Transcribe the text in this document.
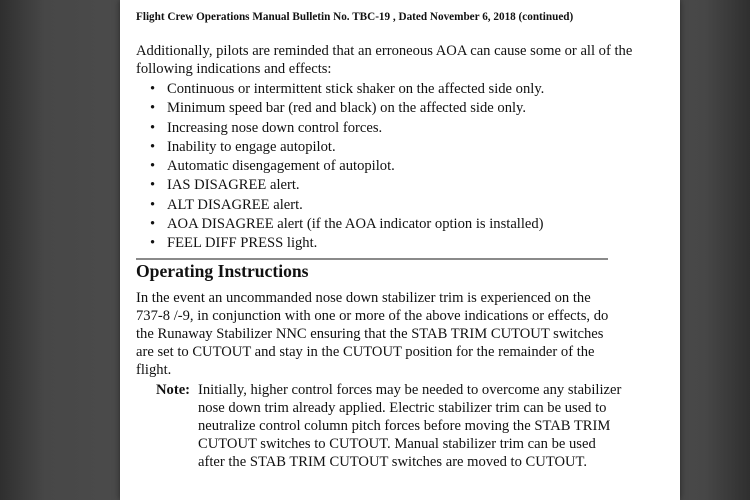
Flight Crew Operations Manual Bulletin No. TBC-19 , Dated November 6, 2018 (continued)
Additionally, pilots are reminded that an erroneous AOA can cause some or all of the following indications and effects:
• Continuous or intermittent stick shaker on the affected side only.
• Minimum speed bar (red and black) on the affected side only.
• Increasing nose down control forces.
• Inability to engage autopilot.
• Automatic disengagement of autopilot.
• IAS DISAGREE alert.
• ALT DISAGREE alert.
• AOA DISAGREE alert (if the AOA indicator option is installed)
• FEEL DIFF PRESS light.
Operating Instructions
In the event an uncommanded nose down stabilizer trim is experienced on the 737-8 /-9, in conjunction with one or more of the above indications or effects, do the Runaway Stabilizer NNC ensuring that the STAB TRIM CUTOUT switches are set to CUTOUT and stay in the CUTOUT position for the remainder of the flight.
Note: Initially, higher control forces may be needed to overcome any stabilizer nose down trim already applied. Electric stabilizer trim can be used to neutralize control column pitch forces before moving the STAB TRIM CUTOUT switches to CUTOUT. Manual stabilizer trim can be used after the STAB TRIM CUTOUT switches are moved to CUTOUT.
